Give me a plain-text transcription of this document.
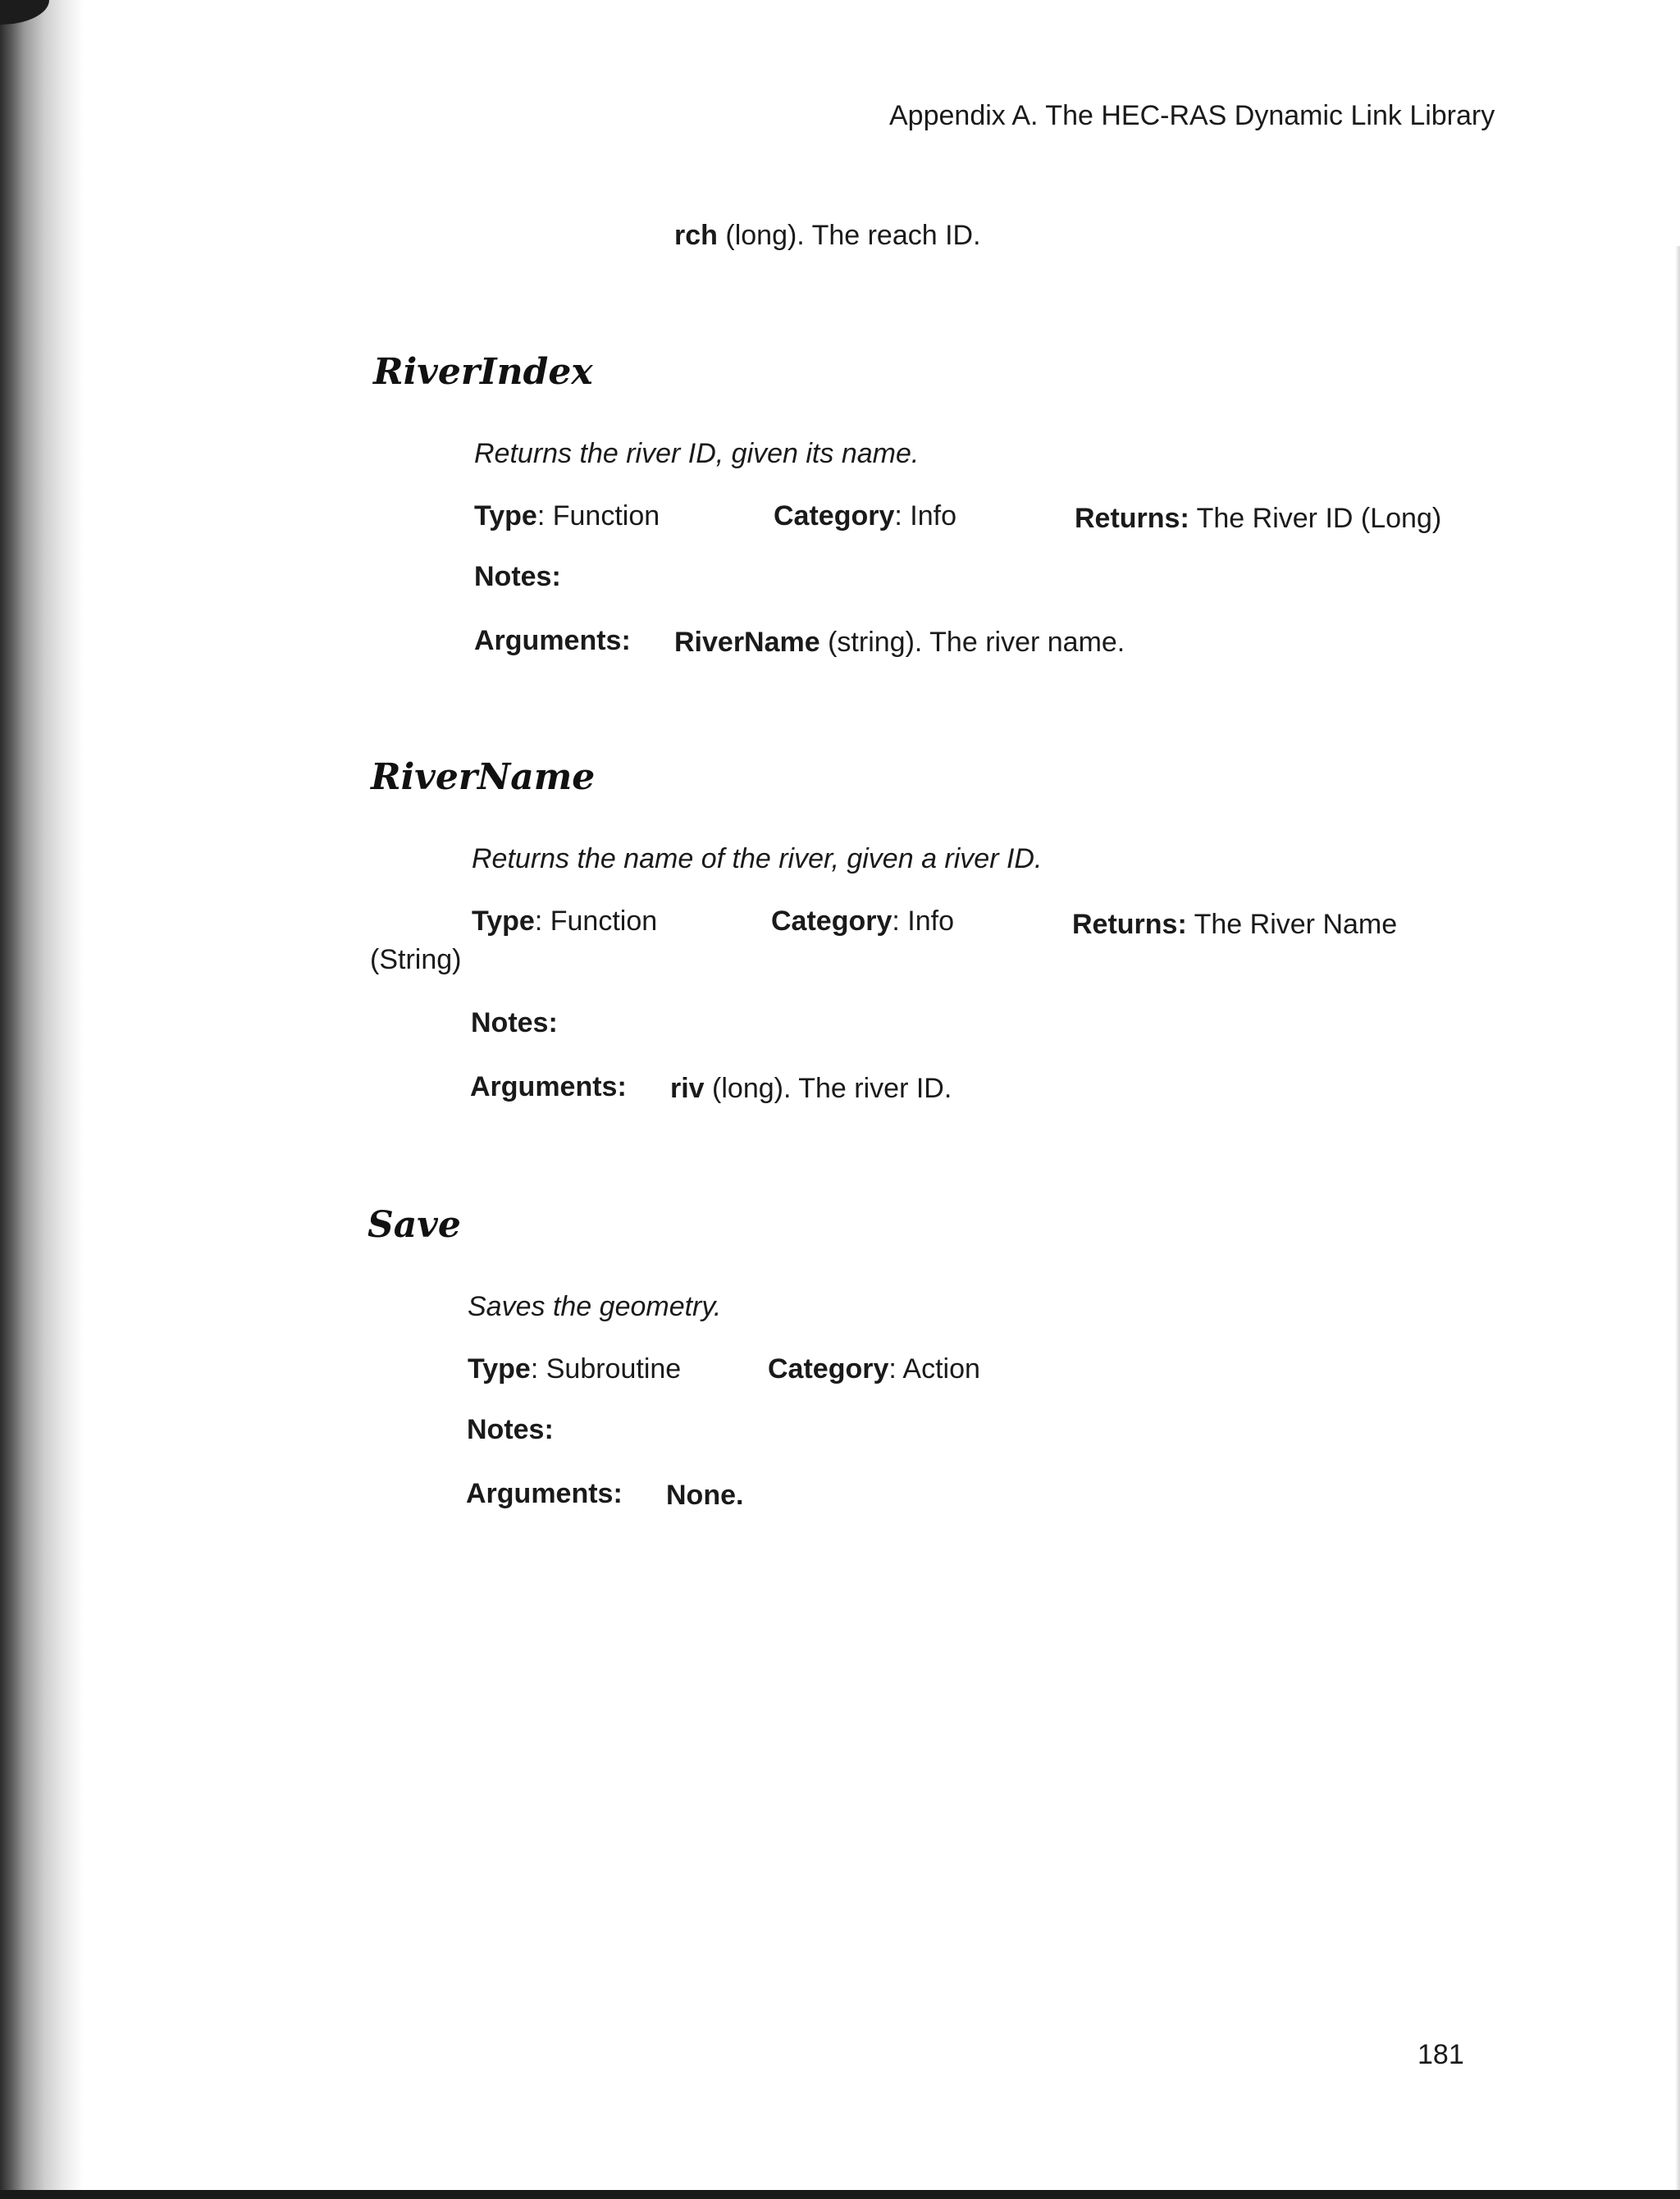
Appendix A. The HEC-RAS Dynamic Link Library
rch (long). The reach ID.
RiverIndex
Returns the river ID, given its name.
Type: Function	Category: Info	Returns: The River ID (Long)
Notes:
Arguments: RiverName (string). The river name.
RiverName
Returns the name of the river, given a river ID.
Type: Function	Category: Info	Returns: The River Name
(String)
Notes:
Arguments: riv (long). The river ID.
Save
Saves the geometry.
Type: Subroutine	Category: Action
Notes:
Arguments: None.
181
